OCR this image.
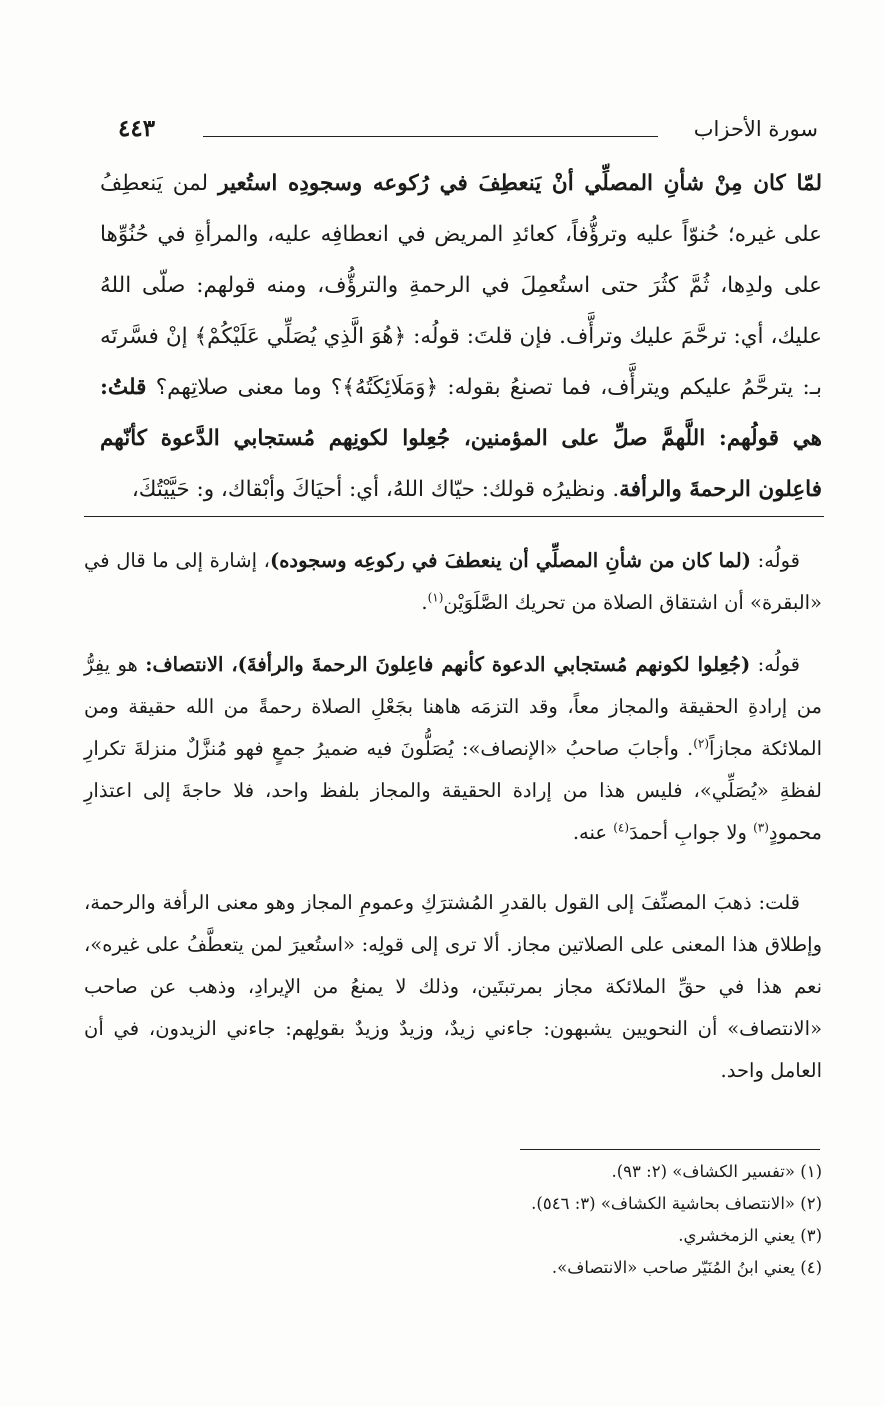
سورة الأحزاب
٤٤٣
لمّا كان مِنْ شأنِ المصلِّي أنْ يَنعطِفَ في رُكوعه وسجودِه استُعير لمن يَنعطِفُ على غيره؛ حُنوّاً عليه وترؤُّفاً، كعائدِ المريض في انعطافِه عليه، والمرأةِ في حُنُوِّها على ولدِها، ثُمَّ كثُرَ حتى استُعمِلَ في الرحمةِ والترؤُّف، ومنه قولهم: صلّى اللهُ عليك، أي: ترحَّمَ عليك وترأَّف. فإن قلتَ: قولُه: ﴿هُوَ الَّذِي يُصَلِّي عَلَيْكُمْ﴾ إنْ فسَّرتَه بـ: يترحَّمُ عليكم ويترأَّف، فما تصنعُ بقوله: ﴿وَمَلَائِكَتُهُ﴾؟ وما معنى صلاتِهم؟ قلتُ: هي قولُهم: اللَّهمَّ صلِّ على المؤمنين، جُعِلوا لكونِهم مُستجابي الدَّعوة كأنّهم فاعِلون الرحمةَ والرأفة. ونظيرُه قولك: حيّاك اللهُ، أي: أحيَاكَ وأبْقاك، و: حَيَّيْتُكَ،
قولُه: (لما كان من شأنِ المصلِّي أن ينعطفَ في ركوعِه وسجوده)، إشارة إلى ما قال في «البقرة» أن اشتقاق الصلاة من تحريك الصَّلَوَيْن$^{(١)}$.
قولُه: (جُعِلوا لكونهم مُستجابي الدعوة كأنهم فاعِلونَ الرحمةَ والرأفةَ)، الانتصاف: هو يفِرُّ من إرادةِ الحقيقة والمجاز معاً، وقد التزمَه هاهنا بجَعْلِ الصلاة رحمةً من الله حقيقة ومن الملائكة مجازاً$^{(٢)}$. وأجابَ صاحبُ «الإنصاف»: يُصَلُّونَ فيه ضميرُ جمعٍ فهو مُنزَّلٌ منزلةَ تكرارِ لفظةِ «يُصَلِّي»، فليس هذا من إرادة الحقيقة والمجاز بلفظ واحد، فلا حاجةَ إلى اعتذارِ محمودٍ$^{(٣)}$ ولا جوابِ أحمدَ$^{(٤)}$ عنه.
قلت: ذهبَ المصنِّفَ إلى القول بالقدرِ المُشترَكِ وعمومِ المجاز وهو معنى الرأفة والرحمة، وإطلاق هذا المعنى على الصلاتين مجاز. ألا ترى إلى قولِه: «استُعيرَ لمن يتعطَّفُ على غيره»، نعم هذا في حقِّ الملائكة مجاز بمرتبتَين، وذلك لا يمنعُ من الإيرادِ، وذهب عن صاحب «الانتصاف» أن النحويين يشبهون: جاءني زيدٌ، وزيدٌ وزيدٌ بقولِهم: جاءني الزيدون، في أن العامل واحد.
(١) «تفسير الكشاف» (٢: ٩٣).
(٢) «الانتصاف بحاشية الكشاف» (٣: ٥٤٦).
(٣) يعني الزمخشري.
(٤) يعني ابنُ المُنَيّر صاحب «الانتصاف».
